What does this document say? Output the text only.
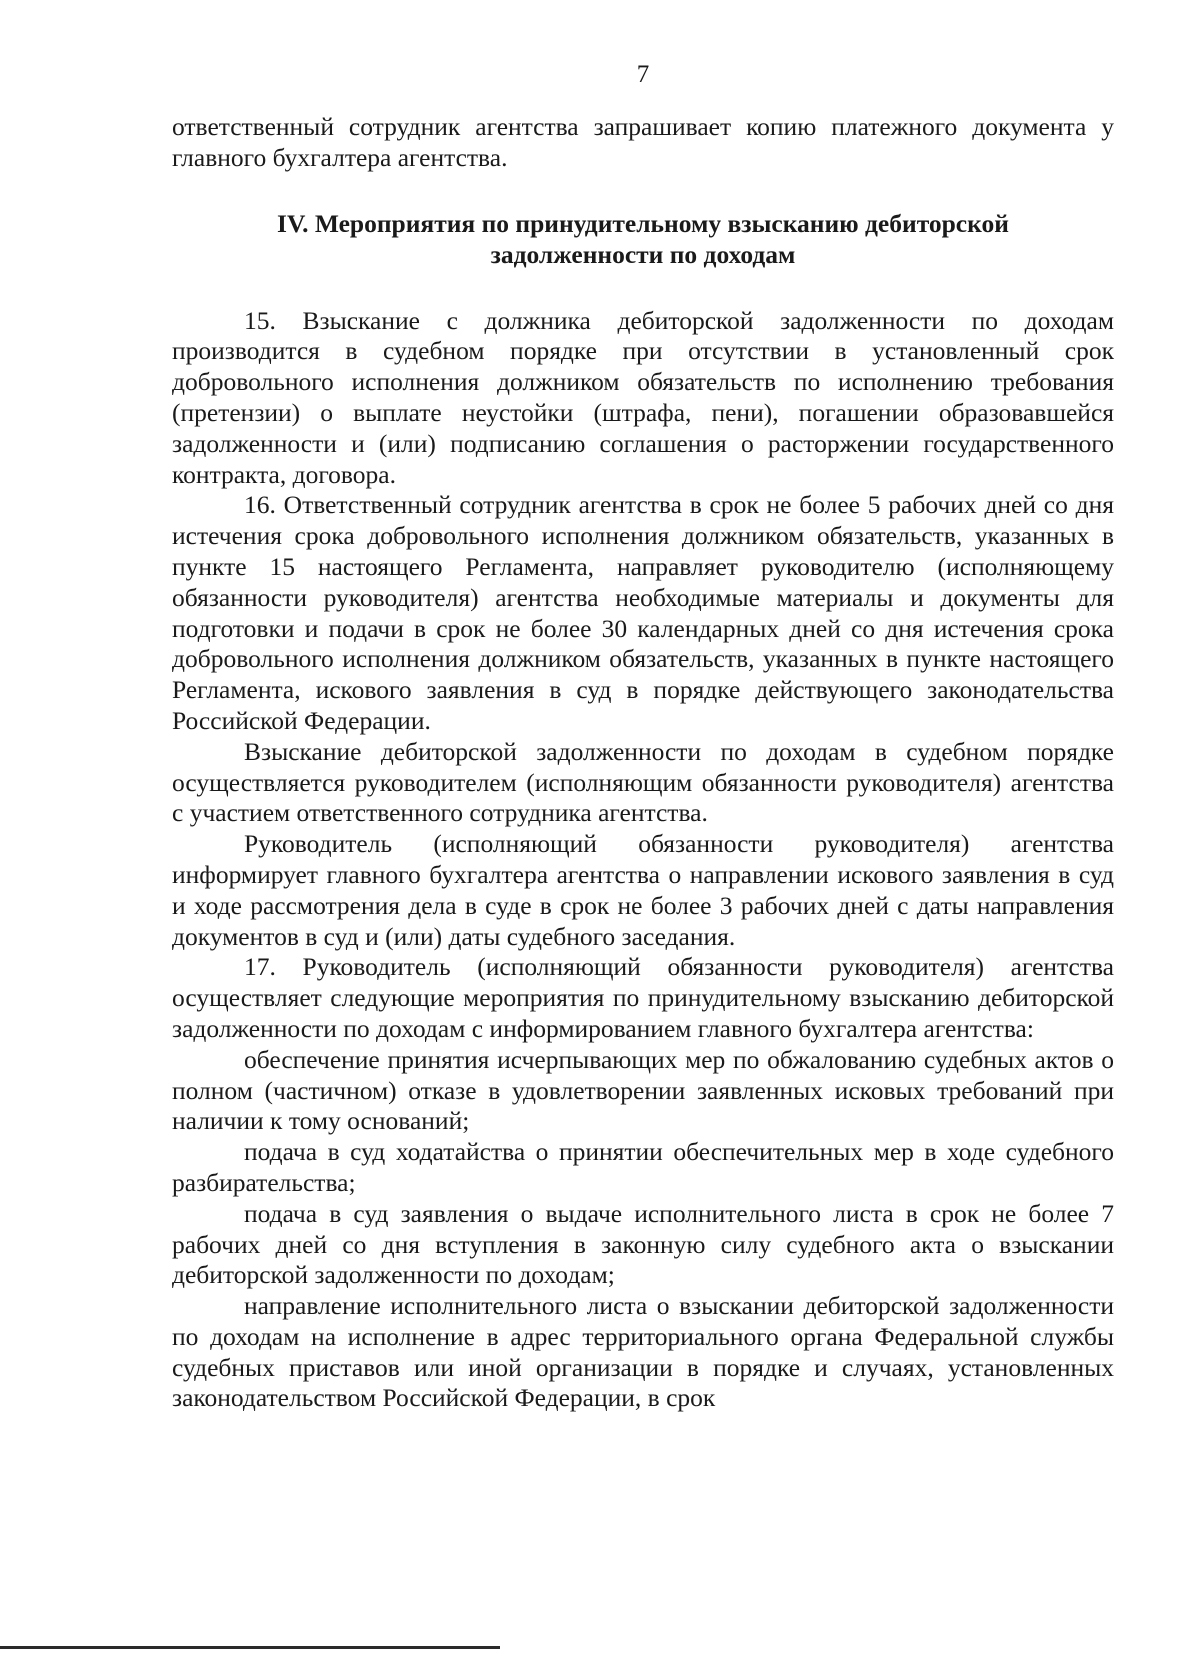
7

ответственный сотрудник агентства запрашивает копию платежного документа у главного бухгалтера агентства.

IV. Мероприятия по принудительному взысканию дебиторской
задолженности по доходам

15. Взыскание с должника дебиторской задолженности по доходам производится в судебном порядке при отсутствии в установленный срок добровольного исполнения должником обязательств по исполнению требования (претензии) о выплате неустойки (штрафа, пени), погашении образовавшейся задолженности и (или) подписанию соглашения о расторжении государственного контракта, договора.

16. Ответственный сотрудник агентства в срок не более 5 рабочих дней со дня истечения срока добровольного исполнения должником обязательств, указанных в пункте 15 настоящего Регламента, направляет руководителю (исполняющему обязанности руководителя) агентства необходимые материалы и документы для подготовки и подачи в срок не более 30 календарных дней со дня истечения срока добровольного исполнения должником обязательств, указанных в пункте настоящего Регламента, искового заявления в суд в порядке действующего законодательства Российской Федерации.

Взыскание дебиторской задолженности по доходам в судебном порядке осуществляется руководителем (исполняющим обязанности руководителя) агентства с участием ответственного сотрудника агентства.

Руководитель (исполняющий обязанности руководителя) агентства информирует главного бухгалтера агентства о направлении искового заявления в суд и ходе рассмотрения дела в суде в срок не более 3 рабочих дней с даты направления документов в суд и (или) даты судебного заседания.

17. Руководитель (исполняющий обязанности руководителя) агентства осуществляет следующие мероприятия по принудительному взысканию дебиторской задолженности по доходам с информированием главного бухгалтера агентства:

обеспечение принятия исчерпывающих мер по обжалованию судебных актов о полном (частичном) отказе в удовлетворении заявленных исковых требований при наличии к тому оснований;

подача в суд ходатайства о принятии обеспечительных мер в ходе судебного разбирательства;

подача в суд заявления о выдаче исполнительного листа в срок не более 7 рабочих дней со дня вступления в законную силу судебного акта о взыскании дебиторской задолженности по доходам;

направление исполнительного листа о взыскании дебиторской задолженности по доходам на исполнение в адрес территориального органа Федеральной службы судебных приставов или иной организации в порядке и случаях, установленных законодательством Российской Федерации, в срок
